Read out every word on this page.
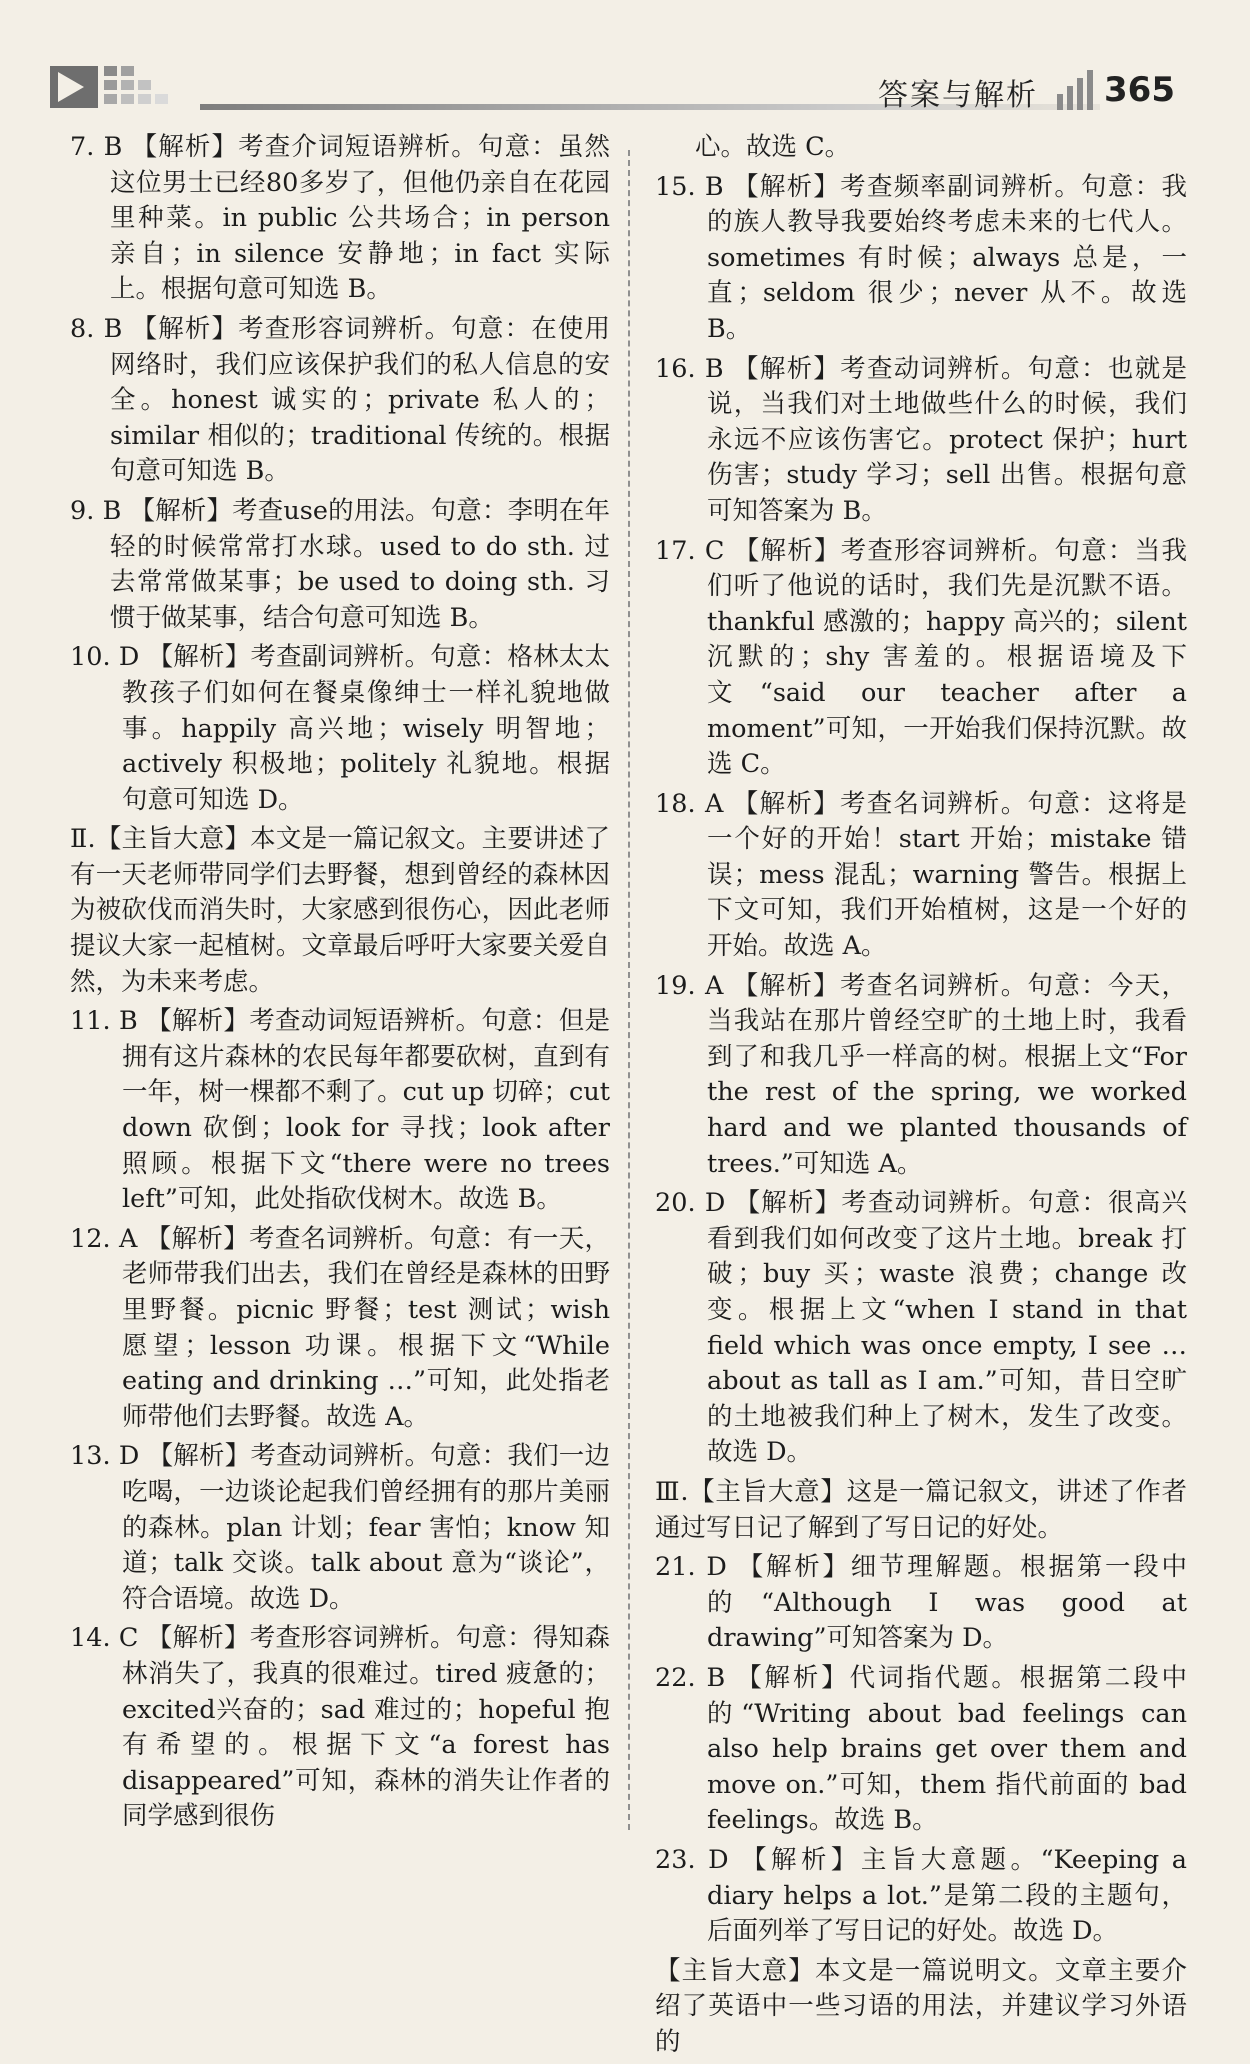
答案与解析 365

7. B 【解析】考查介词短语辨析。句意：虽然这位男士已经80多岁了，但他仍亲自在花园里种菜。in public 公共场合；in person 亲自；in silence 安静地；in fact 实际上。根据句意可知选 B。

8. B 【解析】考查形容词辨析。句意：在使用网络时，我们应该保护我们的私人信息的安全。honest 诚实的；private 私人的；similar 相似的；traditional 传统的。根据句意可知选 B。

9. B 【解析】考查use的用法。句意：李明在年轻的时候常常打水球。used to do sth. 过去常常做某事；be used to doing sth. 习惯于做某事，结合句意可知选 B。

10. D 【解析】考查副词辨析。句意：格林太太教孩子们如何在餐桌像绅士一样礼貌地做事。happily 高兴地；wisely 明智地；actively 积极地；politely 礼貌地。根据句意可知选 D。

Ⅱ.【主旨大意】本文是一篇记叙文。主要讲述了有一天老师带同学们去野餐，想到曾经的森林因为被砍伐而消失时，大家感到很伤心，因此老师提议大家一起植树。文章最后呼吁大家要关爱自然，为未来考虑。

11. B 【解析】考查动词短语辨析。句意：但是拥有这片森林的农民每年都要砍树，直到有一年，树一棵都不剩了。cut up 切碎；cut down 砍倒；look for 寻找；look after 照顾。根据下文“there were no trees left”可知，此处指砍伐树木。故选 B。

12. A 【解析】考查名词辨析。句意：有一天，老师带我们出去，我们在曾经是森林的田野里野餐。picnic 野餐；test 测试；wish 愿望；lesson 功课。根据下文“While eating and drinking …”可知，此处指老师带他们去野餐。故选 A。

13. D 【解析】考查动词辨析。句意：我们一边吃喝，一边谈论起我们曾经拥有的那片美丽的森林。plan 计划；fear 害怕；know 知道；talk 交谈。talk about 意为“谈论”，符合语境。故选 D。

14. C 【解析】考查形容词辨析。句意：得知森林消失了，我真的很难过。tired 疲惫的；excited兴奋的；sad 难过的；hopeful 抱有希望的。根据下文“a forest has disappeared”可知，森林的消失让作者的同学感到很伤

心。故选 C。

15. B 【解析】考查频率副词辨析。句意：我的族人教导我要始终考虑未来的七代人。sometimes 有时候；always 总是，一直；seldom 很少；never 从不。故选 B。

16. B 【解析】考查动词辨析。句意：也就是说，当我们对土地做些什么的时候，我们永远不应该伤害它。protect 保护；hurt 伤害；study 学习；sell 出售。根据句意可知答案为 B。

17. C 【解析】考查形容词辨析。句意：当我们听了他说的话时，我们先是沉默不语。thankful 感激的；happy 高兴的；silent 沉默的；shy 害羞的。根据语境及下文“said our teacher after a moment”可知，一开始我们保持沉默。故选 C。

18. A 【解析】考查名词辨析。句意：这将是一个好的开始！start 开始；mistake 错误；mess 混乱；warning 警告。根据上下文可知，我们开始植树，这是一个好的开始。故选 A。

19. A 【解析】考查名词辨析。句意：今天，当我站在那片曾经空旷的土地上时，我看到了和我几乎一样高的树。根据上文“For the rest of the spring, we worked hard and we planted thousands of trees.”可知选 A。

20. D 【解析】考查动词辨析。句意：很高兴看到我们如何改变了这片土地。break 打破；buy 买；waste 浪费；change 改变。根据上文“when I stand in that field which was once empty, I see … about as tall as I am.”可知，昔日空旷的土地被我们种上了树木，发生了改变。故选 D。

Ⅲ.【主旨大意】这是一篇记叙文，讲述了作者通过写日记了解到了写日记的好处。

21. D 【解析】细节理解题。根据第一段中的“Although I was good at drawing”可知答案为 D。

22. B 【解析】代词指代题。根据第二段中的“Writing about bad feelings can also help brains get over them and move on.”可知，them 指代前面的 bad feelings。故选 B。

23. D 【解析】主旨大意题。“Keeping a diary helps a lot.”是第二段的主题句，后面列举了写日记的好处。故选 D。

【主旨大意】本文是一篇说明文。文章主要介绍了英语中一些习语的用法，并建议学习外语的
